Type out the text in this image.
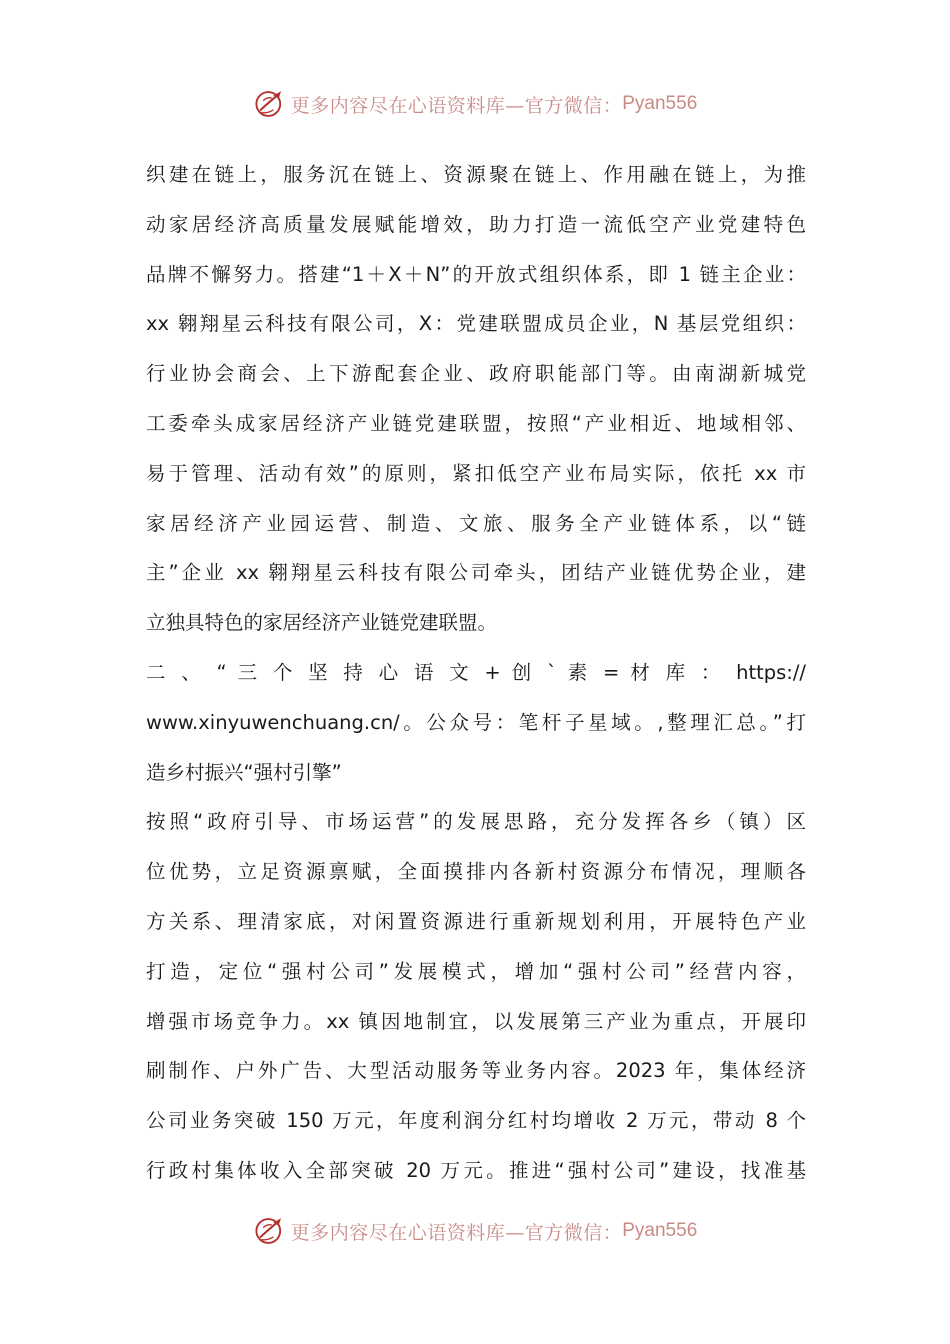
更多内容尽在心语资料库—官方微信： Pyan556
织建在链上，服务沉在链上、资源聚在链上、作用融在链上，为推
动家居经济高质量发展赋能增效，助力打造一流低空产业党建特色
品牌不懈努力。搭建“1＋X＋N”的开放式组织体系，即 1 链主企业：
xx 翱翔星云科技有限公司，X：党建联盟成员企业，N 基层党组织：
行业协会商会、上下游配套企业、政府职能部门等。由南湖新城党
工委牵头成家居经济产业链党建联盟，按照“产业相近、地域相邻、
易于管理、活动有效”的原则，紧扣低空产业布局实际，依托 xx 市
家居经济产业园运营、制造、文旅、服务全产业链体系，以“链
主”企业 xx 翱翔星云科技有限公司牵头，团结产业链优势企业，建
立独具特色的家居经济产业链党建联盟。
二 、 “ 三 个 坚 持 心 语 文 + 创 ` 素 = 材 库 ： https://
www.xinyuwenchuang.cn/。公众号：笔杆子星域。,整理汇总。”打
造乡村振兴“强村引擎”
按照“政府引导、市场运营”的发展思路，充分发挥各乡（镇）区
位优势，立足资源禀赋，全面摸排内各新村资源分布情况，理顺各
方关系、理清家底，对闲置资源进行重新规划利用，开展特色产业
打造，定位“强村公司”发展模式，增加“强村公司”经营内容，
增强市场竞争力。xx 镇因地制宜，以发展第三产业为重点，开展印
刷制作、户外广告、大型活动服务等业务内容。2023 年，集体经济
公司业务突破 150 万元，年度利润分红村均增收 2 万元，带动 8 个
行政村集体收入全部突破 20 万元。推进“强村公司”建设，找准基
更多内容尽在心语资料库—官方微信： Pyan556
